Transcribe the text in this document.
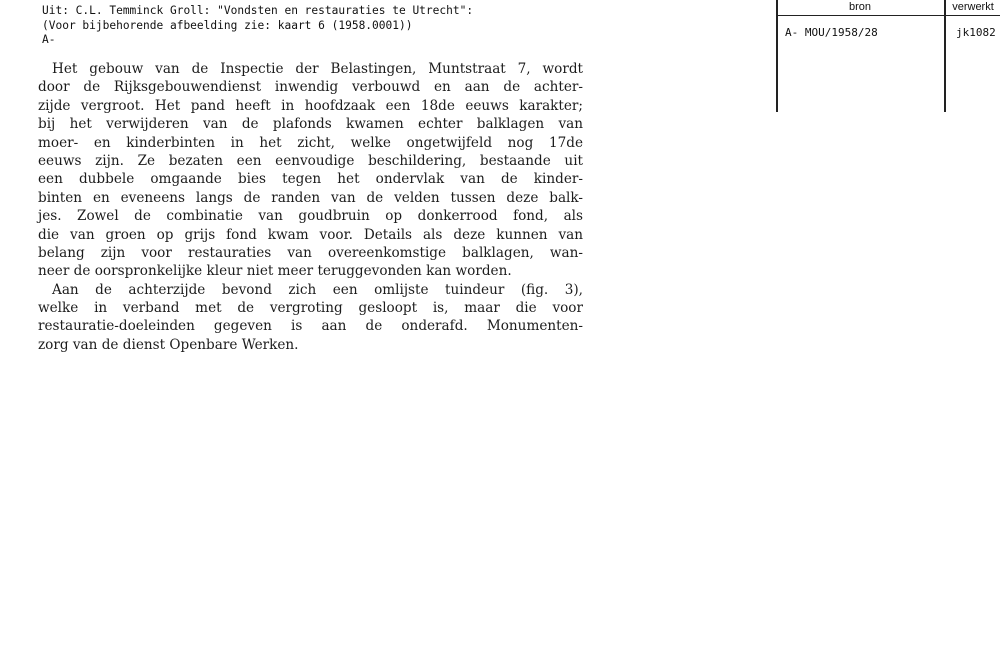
Uit: C.L. Temminck Groll: "Vondsten en restauraties te Utrecht":
(Voor bijbehorende afbeelding zie: kaart 6 (1958.0001))
A-
bron	verwerkt
A- MOU/1958/28	jk1082
Het gebouw van de Inspectie der Belastingen, Muntstraat 7, wordt
door de Rijksgebouwendienst inwendig verbouwd en aan de achter-
zijde vergroot. Het pand heeft in hoofdzaak een 18de eeuws karakter;
bij het verwijderen van de plafonds kwamen echter balklagen van
moer- en kinderbinten in het zicht, welke ongetwijfeld nog 17de
eeuws zijn. Ze bezaten een eenvoudige beschildering, bestaande uit
een dubbele omgaande bies tegen het ondervlak van de kinder-
binten en eveneens langs de randen van de velden tussen deze balk-
jes. Zowel de combinatie van goudbruin op donkerrood fond, als
die van groen op grijs fond kwam voor. Details als deze kunnen van
belang zijn voor restauraties van overeenkomstige balklagen, wan-
neer de oorspronkelijke kleur niet meer teruggevonden kan worden.
Aan de achterzijde bevond zich een omlijste tuindeur (fig. 3),
welke in verband met de vergroting gesloopt is, maar die voor
restauratie-doeleinden gegeven is aan de onderafd. Monumenten-
zorg van de dienst Openbare Werken.
